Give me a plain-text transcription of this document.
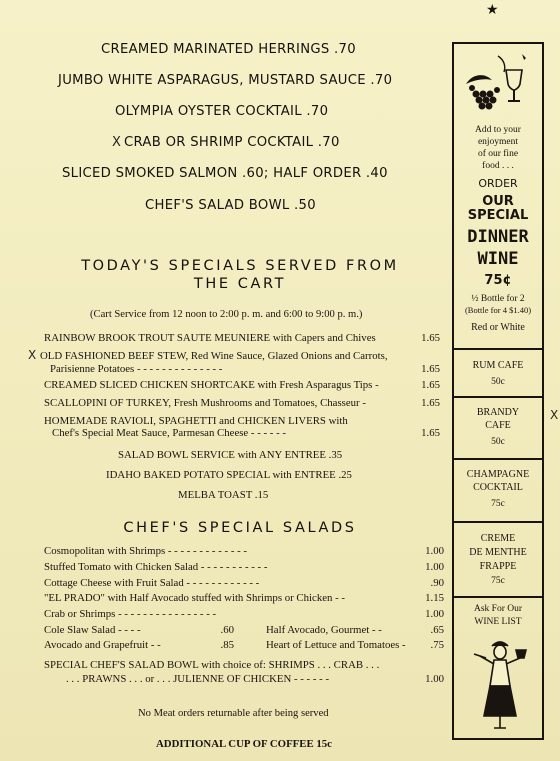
★
CREAMED MARINATED HERRINGS .70
JUMBO WHITE ASPARAGUS, MUSTARD SAUCE .70
OLYMPIA OYSTER COCKTAIL .70
X CRAB OR SHRIMP COCKTAIL .70
SLICED SMOKED SALMON .60; HALF ORDER .40
CHEF'S SALAD BOWL .50
TODAY'S SPECIALS SERVED FROM
THE CART
(Cart Service from 12 noon to 2:00 p. m. and 6:00 to 9:00 p. m.)
RAINBOW BROOK TROUT SAUTE MEUNIERE with Capers and Chives	1.65
X OLD FASHIONED BEEF STEW, Red Wine Sauce, Glazed Onions and Carrots,
Parisienne Potatoes - - - - - - - - - - - - - -	1.65
CREAMED SLICED CHICKEN SHORTCAKE with Fresh Asparagus Tips -	1.65
SCALLOPINI OF TURKEY, Fresh Mushrooms and Tomatoes, Chasseur -	1.65
HOMEMADE RAVIOLI, SPAGHETTI and CHICKEN LIVERS with
Chef's Special Meat Sauce, Parmesan Cheese - - - - - -	1.65
SALAD BOWL SERVICE with ANY ENTREE .35
IDAHO BAKED POTATO SPECIAL with ENTREE .25
MELBA TOAST .15
CHEF'S SPECIAL SALADS
Cosmopolitan with Shrimps - - - - - - - - - - - - -	1.00
Stuffed Tomato with Chicken Salad - - - - - - - - - - -	1.00
Cottage Cheese with Fruit Salad - - - - - - - - - - - -	.90
"EL PRADO" with Half Avocado stuffed with Shrimps or Chicken - -	1.15
Crab or Shrimps - - - - - - - - - - - - - - - -	1.00
Cole Slaw Salad - - - -	.60	Half Avocado, Gourmet - -	.65
Avocado and Grapefruit - -	.85	Heart of Lettuce and Tomatoes -	.75
SPECIAL CHEF'S SALAD BOWL with choice of: SHRIMPS . . . CRAB . . .
. . . PRAWNS . . . or . . . JULIENNE OF CHICKEN - - - - - -	1.00
No Meat orders returnable after being served
ADDITIONAL CUP OF COFFEE 15c
X
Add to your
enjoyment
of our fine
food . . .
ORDER
OUR
SPECIAL
DINNER
WINE
75¢
½ Bottle for 2
(Bottle for 4 $1.40)
Red or White
RUM CAFE
50c
BRANDY
CAFE
50c
CHAMPAGNE
COCKTAIL
75c
CREME
DE MENTHE
FRAPPE
75c
Ask For Our
WINE LIST
